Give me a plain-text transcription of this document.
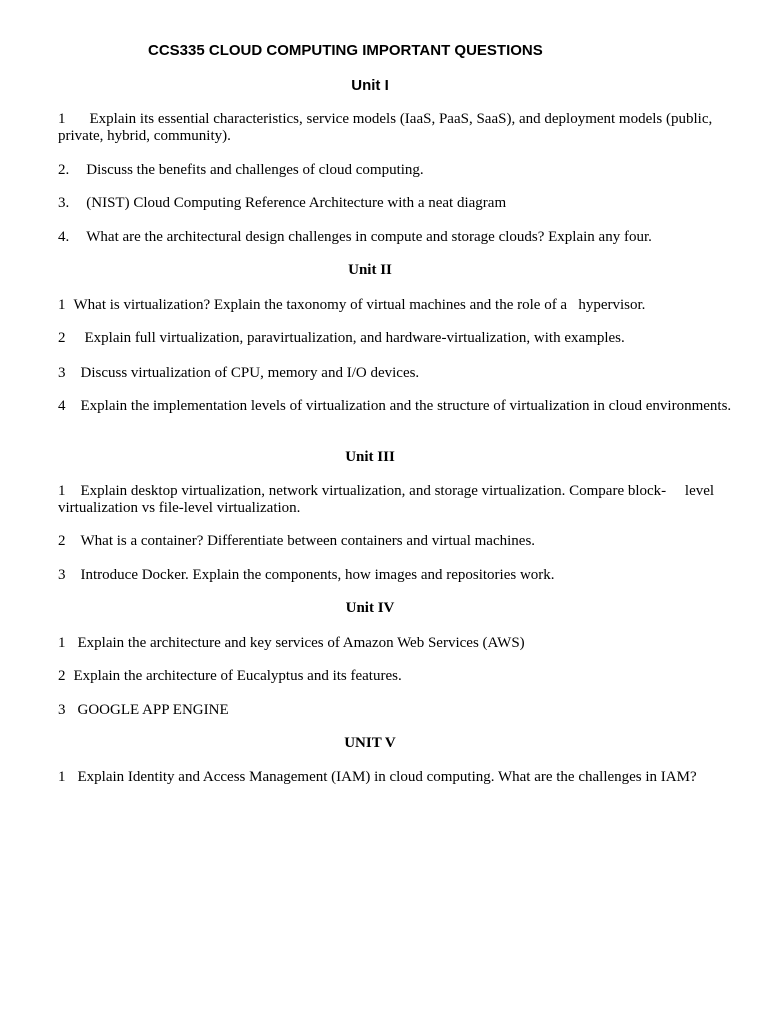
CCS335 CLOUD COMPUTING IMPORTANT QUESTIONS
Unit I
1 Explain its essential characteristics, service models (IaaS, PaaS, SaaS), and deployment models (public, private, hybrid, community).
2. Discuss the benefits and challenges of cloud computing.
3. (NIST) Cloud Computing Reference Architecture with a neat diagram
4. What are the architectural design challenges in compute and storage clouds? Explain any four.
Unit II
1 What is virtualization? Explain the taxonomy of virtual machines and the role of a   hypervisor.
2 Explain full virtualization, paravirtualization, and hardware-virtualization, with examples.
3 Discuss virtualization of CPU, memory and I/O devices.
4 Explain the implementation levels of virtualization and the structure of virtualization in cloud environments.
Unit III
1 Explain desktop virtualization, network virtualization, and storage virtualization. Compare block-     level virtualization vs file-level virtualization.
2 What is a container? Differentiate between containers and virtual machines.
3 Introduce Docker. Explain the components, how images and repositories work.
Unit IV
1 Explain the architecture and key services of Amazon Web Services (AWS)
2 Explain the architecture of Eucalyptus and its features.
3 GOOGLE APP ENGINE
UNIT V
1 Explain Identity and Access Management (IAM) in cloud computing. What are the challenges in IAM?
